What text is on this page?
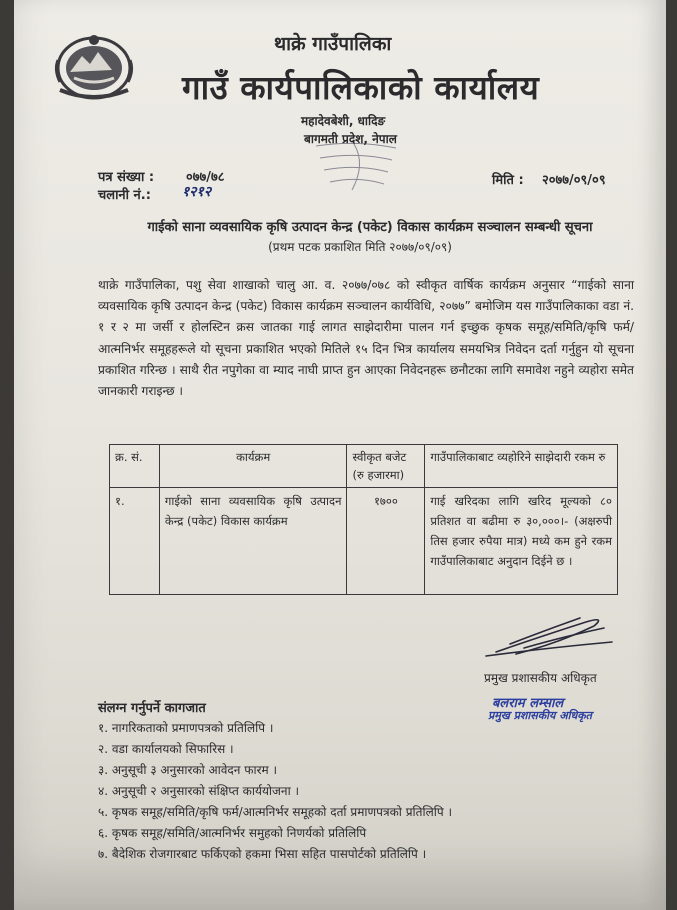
थाक्रे गाउँपालिका
गाउँ कार्यपालिकाको कार्यालय
महादेवबेशी, धादिङ
बागमती प्रदेश, नेपाल
पत्र संख्या : ०७७/७८
चलानी नं.: १२१२
मिति : २०७७/०९/०९
गाईको साना व्यवसायिक कृषि उत्पादन केन्द्र (पकेट) विकास कार्यक्रम सञ्चालन सम्बन्धी सूचना
(प्रथम पटक प्रकाशित मिति २०७७/०९/०९)
थाक्रे गाउँपालिका, पशु सेवा शाखाको चालु आ. व. २०७७/०७८ को स्वीकृत वार्षिक कार्यक्रम अनुसार “गाईको साना व्यवसायिक कृषि उत्पादन केन्द्र (पकेट) विकास कार्यक्रम सञ्चालन कार्यविधि, २०७७” बमोजिम यस गाउँपालिकाका वडा नं. १ र २ मा जर्सी र होलस्टिन क्रस जातका गाई लागत साझेदारीमा पालन गर्न इच्छुक कृषक समूह/समिति/कृषि फर्म/आत्मनिर्भर समूहहरूले यो सूचना प्रकाशित भएको मितिले १५ दिन भित्र कार्यालय समयभित्र निवेदन दर्ता गर्नुहुन यो सूचना प्रकाशित गरिन्छ । साथै रीत नपुगेका वा म्याद नाघी प्राप्त हुन आएका निवेदनहरू छनौटका लागि समावेश नहुने व्यहोरा समेत जानकारी गराइन्छ ।
क्र. सं.	कार्यक्रम	स्वीकृत बजेट (रु हजारमा)	गाउँपालिकाबाट व्यहोरिने साझेदारी रकम रु
१.	गाईको साना व्यवसायिक कृषि उत्पादन केन्द्र (पकेट) विकास कार्यक्रम	१७००	गाई खरिदका लागि खरिद मूल्यको ८० प्रतिशत वा बढीमा रु ३०,०००।- (अक्षरुपी तिस हजार रुपैया मात्र) मध्ये कम हुने रकम गाउँपालिकाबाट अनुदान दिईने छ ।
प्रमुख प्रशासकीय अधिकृत
बलराम लम्साल
प्रमुख प्रशासकीय अधिकृत
संलग्न गर्नुपर्ने कागजात
१. नागरिकताको प्रमाणपत्रको प्रतिलिपि ।
२. वडा कार्यालयको सिफारिस ।
३. अनुसूची ३ अनुसारको आवेदन फारम ।
४. अनुसूची २ अनुसारको संक्षिप्त कार्ययोजना ।
५. कृषक समूह/समिति/कृषि फर्म/आत्मनिर्भर समूहको दर्ता प्रमाणपत्रको प्रतिलिपि ।
६. कृषक समूह/समिति/आत्मनिर्भर समुहको निणर्यको प्रतिलिपि
७. बैदेशिक रोजगारबाट फर्किएको हकमा भिसा सहित पासपोर्टको प्रतिलिपि ।
